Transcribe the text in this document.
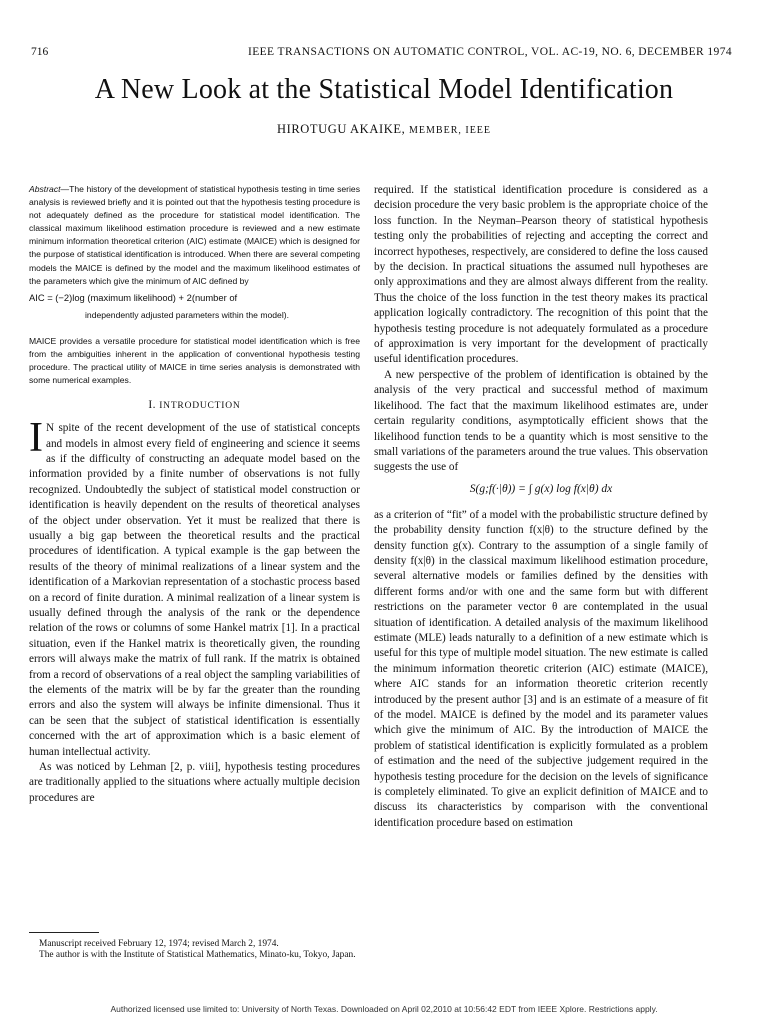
716	IEEE TRANSACTIONS ON AUTOMATIC CONTROL, VOL. AC-19, NO. 6, DECEMBER 1974
A New Look at the Statistical Model Identification
HIROTUGU AKAIKE, MEMBER, IEEE

Abstract—The history of the development of statistical hypothesis testing in time series analysis is reviewed briefly and it is pointed out that the hypothesis testing procedure is not adequately defined as the procedure for statistical model identification. The classical maximum likelihood estimation procedure is reviewed and a new estimate minimum information theoretical criterion (AIC) estimate (MAICE) which is designed for the purpose of statistical identification is introduced. When there are several competing models the MAICE is defined by the model and the maximum likelihood estimates of the parameters which give the minimum of AIC defined by

AIC = (−2)log (maximum likelihood) + 2(number of

independently adjusted parameters within the model).

MAICE provides a versatile procedure for statistical model identification which is free from the ambiguities inherent in the application of conventional hypothesis testing procedure. The practical utility of MAICE in time series analysis is demonstrated with some numerical examples.

I. INTRODUCTION

I N spite of the recent development of the use of statistical concepts and models in almost every field of engineering and science it seems as if the difficulty of constructing an adequate model based on the information provided by a finite number of observations is not fully recognized. Undoubtedly the subject of statistical model construction or identification is heavily dependent on the results of theoretical analyses of the object under observation. Yet it must be realized that there is usually a big gap between the theoretical results and the practical procedures of identification. A typical example is the gap between the results of the theory of minimal realizations of a linear system and the identification of a Markovian representation of a stochastic process based on a record of finite duration. A minimal realization of a linear system is usually defined through the analysis of the rank or the dependence relation of the rows or columns of some Hankel matrix [1]. In a practical situation, even if the Hankel matrix is theoretically given, the rounding errors will always make the matrix of full rank. If the matrix is obtained from a record of observations of a real object the sampling variabilities of the elements of the matrix will be by far the greater than the rounding errors and also the system will always be infinite dimensional. Thus it can be seen that the subject of statistical identification is essentially concerned with the art of approximation which is a basic element of human intellectual activity.

As was noticed by Lehman [2, p. viii], hypothesis testing procedures are traditionally applied to the situations where actually multiple decision procedures are

Manuscript received February 12, 1974; revised March 2, 1974.

The author is with the Institute of Statistical Mathematics, Minato-ku, Tokyo, Japan.

required. If the statistical identification procedure is considered as a decision procedure the very basic problem is the appropriate choice of the loss function. In the Neyman–Pearson theory of statistical hypothesis testing only the probabilities of rejecting and accepting the correct and incorrect hypotheses, respectively, are considered to define the loss caused by the decision. In practical situations the assumed null hypotheses are only approximations and they are almost always different from the reality. Thus the choice of the loss function in the test theory makes its practical application logically contradictory. The recognition of this point that the hypothesis testing procedure is not adequately formulated as a procedure of approximation is very important for the development of practically useful identification procedures.

A new perspective of the problem of identification is obtained by the analysis of the very practical and successful method of maximum likelihood. The fact that the maximum likelihood estimates are, under certain regularity conditions, asymptotically efficient shows that the likelihood function tends to be a quantity which is most sensitive to the small variations of the parameters around the true values. This observation suggests the use of

S(g;f(·|θ)) = ∫ g(x) log f(x|θ) dx

as a criterion of “fit” of a model with the probabilistic structure defined by the probability density function f(x|θ) to the structure defined by the density function g(x). Contrary to the assumption of a single family of density f(x|θ) in the classical maximum likelihood estimation procedure, several alternative models or families defined by the densities with different forms and/or with one and the same form but with different restrictions on the parameter vector θ are contemplated in the usual situation of identification. A detailed analysis of the maximum likelihood estimate (MLE) leads naturally to a definition of a new estimate which is useful for this type of multiple model situation. The new estimate is called the minimum information theoretic criterion (AIC) estimate (MAICE), where AIC stands for an information theoretic criterion recently introduced by the present author [3] and is an estimate of a measure of fit of the model. MAICE is defined by the model and its parameter values which give the minimum of AIC. By the introduction of MAICE the problem of statistical identification is explicitly formulated as a problem of estimation and the need of the subjective judgement required in the hypothesis testing procedure for the decision on the levels of significance is completely eliminated. To give an explicit definition of MAICE and to discuss its characteristics by comparison with the conventional identification procedure based on estimation

Authorized licensed use limited to: University of North Texas. Downloaded on April 02,2010 at 10:56:42 EDT from IEEE Xplore. Restrictions apply.
